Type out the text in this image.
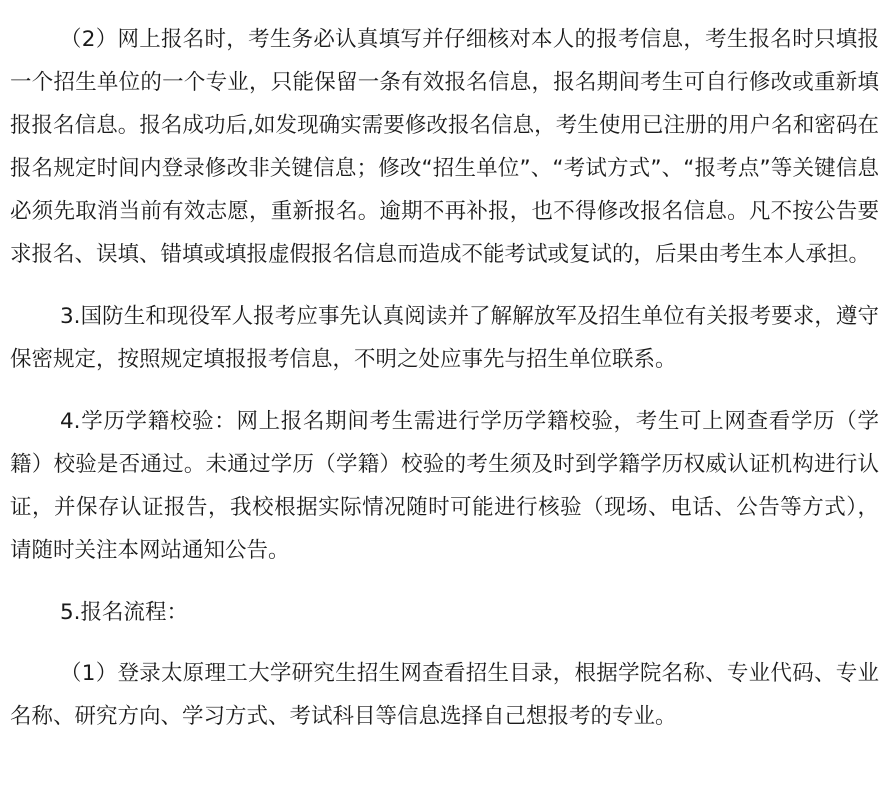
（2）网上报名时，考生务必认真填写并仔细核对本人的报考信息，考生报名时只填报一个招生单位的一个专业，只能保留一条有效报名信息，报名期间考生可自行修改或重新填报报名信息。报名成功后,如发现确实需要修改报名信息，考生使用已注册的用户名和密码在报名规定时间内登录修改非关键信息；修改“招生单位”、“考试方式”、“报考点”等关键信息必须先取消当前有效志愿，重新报名。逾期不再补报，也不得修改报名信息。凡不按公告要求报名、误填、错填或填报虚假报名信息而造成不能考试或复试的，后果由考生本人承担。

3.国防生和现役军人报考应事先认真阅读并了解解放军及招生单位有关报考要求，遵守保密规定，按照规定填报报考信息，不明之处应事先与招生单位联系。

4.学历学籍校验：网上报名期间考生需进行学历学籍校验，考生可上网查看学历（学籍）校验是否通过。未通过学历（学籍）校验的考生须及时到学籍学历权威认证机构进行认证，并保存认证报告，我校根据实际情况随时可能进行核验（现场、电话、公告等方式），请随时关注本网站通知公告。

5.报名流程：

（1）登录太原理工大学研究生招生网查看招生目录，根据学院名称、专业代码、专业名称、研究方向、学习方式、考试科目等信息选择自己想报考的专业。
